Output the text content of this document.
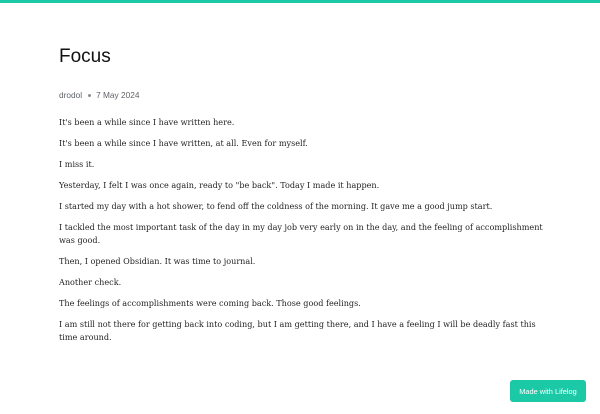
Focus
drodol 7 May 2024

It's been a while since I have written here.

It's been a while since I have written, at all. Even for myself.

I miss it.

Yesterday, I felt I was once again, ready to "be back". Today I made it happen.

I started my day with a hot shower, to fend off the coldness of the morning. It gave me a good jump start.

I tackled the most important task of the day in my day job very early on in the day, and the feeling of accomplishment was good.

Then, I opened Obsidian. It was time to journal.

Another check.

The feelings of accomplishments were coming back. Those good feelings.

I am still not there for getting back into coding, but I am getting there, and I have a feeling I will be deadly fast this time around.

Made with Lifelog
